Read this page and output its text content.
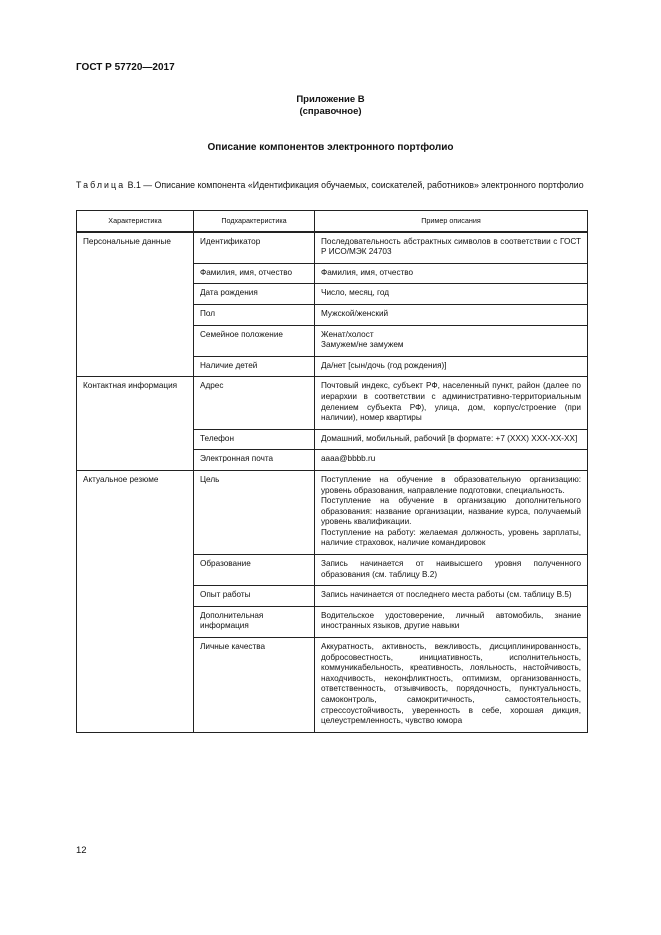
ГОСТ Р 57720—2017
Приложение В
(справочное)
Описание компонентов электронного портфолио
Таблица В.1 — Описание компонента «Идентификация обучаемых, соискателей, работников» электронного портфолио
Характеристика	Подхарактеристика	Пример описания
Персональные данные	Идентификатор	Последовательность абстрактных символов в соответствии с ГОСТ Р ИСО/МЭК 24703

	Фамилия, имя, отчество	Фамилия, имя, отчество

	Дата рождения	Число, месяц, год

	Пол	Мужской/женский

	Семейное положение	Женат/холост
Замужем/не замужем

	Наличие детей	Да/нет [сын/дочь (год рождения)]

Контактная информация	Адрес	Почтовый индекс, субъект РФ, населенный пункт, район (далее по иерархии в соответствии с административно-территориальным делением субъекта РФ), улица, дом, корпус/строение (при наличии), номер квартиры

	Телефон	Домашний, мобильный, рабочий [в формате: +7 (XXX) XXX-XX-XX]

	Электронная почта	aaaa@bbbb.ru

Актуальное резюме	Цель	Поступление на обучение в образовательную организацию: уровень образования, направление подготовки, специальность.
Поступление на обучение в организацию дополнительного образования: название организации, название курса, получаемый уровень квалификации.
Поступление на работу: желаемая должность, уровень зарплаты, наличие страховок, наличие командировок

	Образование	Запись начинается от наивысшего уровня полученного образования (см. таблицу В.2)

	Опыт работы	Запись начинается от последнего места работы (см. таблицу В.5)

	Дополнительная информация	Водительское удостоверение, личный автомобиль, знание иностранных языков, другие навыки

	Личные качества	Аккуратность, активность, вежливость, дисциплинированность, добросовестность, инициативность, исполнительность, коммуникабельность, креативность, лояльность, настойчивость, находчивость, неконфликтность, оптимизм, организованность, ответственность, отзывчивость, порядочность, пунктуальность, самоконтроль, самокритичность, самостоятельность, стрессоустойчивость, уверенность в себе, хорошая дикция, целеустремленность, чувство юмора
12
